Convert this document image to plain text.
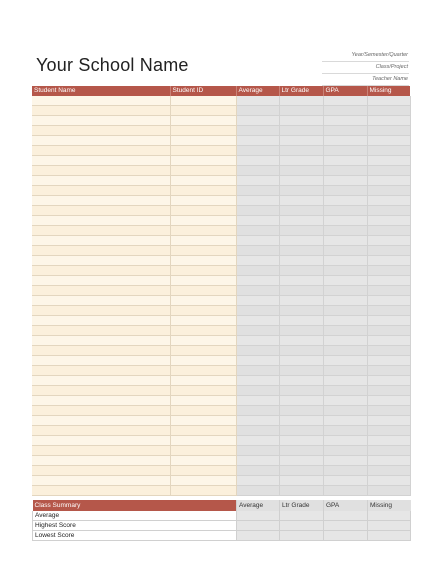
Your School Name	Year/Semester/Quarter
Class/Project
Teacher Name
Student Name	Student ID	Average	Ltr Grade	GPA	Missing

Class Summary	Average	Ltr Grade	GPA	Missing
Average				
Highest Score				
Lowest Score				
